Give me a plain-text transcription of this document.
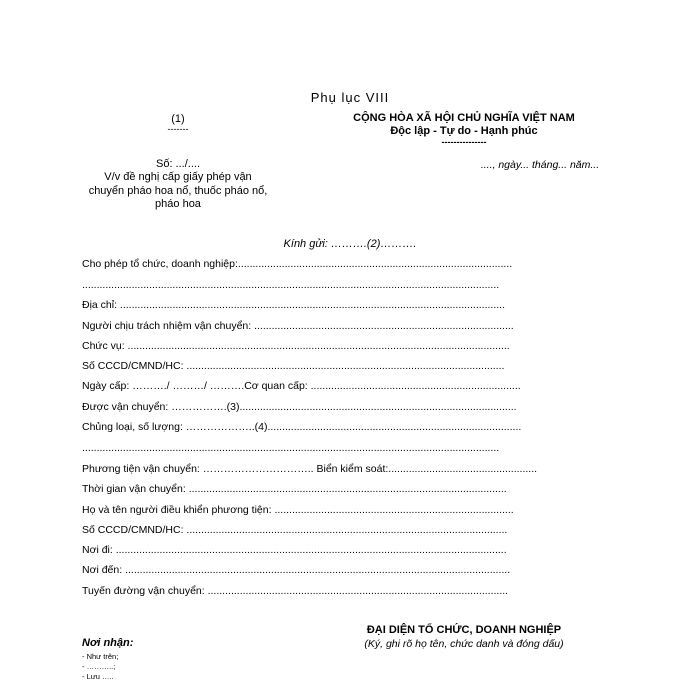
Phụ lục VIII
(1)
-------
Số: .../....
V/v đề nghị cấp giấy phép vận
chuyển pháo hoa nổ, thuốc pháo nổ,
pháo hoa
CỘNG HÒA XÃ HỘI CHỦ NGHĨA VIỆT NAM
Độc lập - Tự do - Hạnh phúc
---------------
...., ngày... tháng... năm...
Kính gửi: ……….(2)……….
Cho phép tổ chức, doanh nghiệp:..............................................................................................
...............................................................................................................................................
Địa chỉ: ....................................................................................................................................
Người chịu trách nhiệm vận chuyển: .........................................................................................
Chức vụ: ...................................................................................................................................
Số CCCD/CMND/HC: .............................................................................................................
Ngày cấp: ………./ ………/ ……….Cơ quan cấp: ........................................................................
Được vận chuyển: …………….(3)...............................................................................................
Chủng loại, số lượng: ………………..(4).......................................................................................
...............................................................................................................................................
Phương tiện vận chuyển: ………………………….. Biển kiểm soát:...................................................
Thời gian vận chuyển: .............................................................................................................
Họ và tên người điều khiển phương tiện: ..................................................................................
Số CCCD/CMND/HC: ..............................................................................................................
Nơi đi: ......................................................................................................................................
Nơi đến: ....................................................................................................................................
Tuyến đường vận chuyển: .......................................................................................................
ĐẠI DIỆN TỔ CHỨC, DOANH NGHIỆP
(Ký, ghi rõ họ tên, chức danh và đóng dấu)
Nơi nhận:
- Như trên;
- ………..;
- Lưu …..
